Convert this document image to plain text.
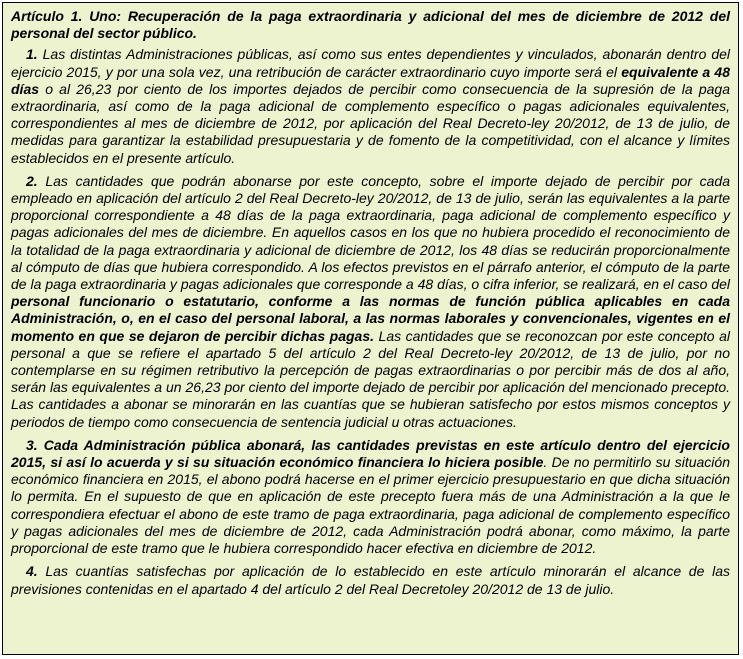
Artículo 1. Uno: Recuperación de la paga extraordinaria y adicional del mes de diciembre de 2012 del personal del sector público.

1. Las distintas Administraciones públicas, así como sus entes dependientes y vinculados, abonarán dentro del ejercicio 2015, y por una sola vez, una retribución de carácter extraordinario cuyo importe será el equivalente a 48 días o al 26,23 por ciento de los importes dejados de percibir como consecuencia de la supresión de la paga extraordinaria, así como de la paga adicional de complemento específico o pagas adicionales equivalentes, correspondientes al mes de diciembre de 2012, por aplicación del Real Decreto-ley 20/2012, de 13 de julio, de medidas para garantizar la estabilidad presupuestaria y de fomento de la competitividad, con el alcance y límites establecidos en el presente artículo.

2. Las cantidades que podrán abonarse por este concepto, sobre el importe dejado de percibir por cada empleado en aplicación del artículo 2 del Real Decreto-ley 20/2012, de 13 de julio, serán las equivalentes a la parte proporcional correspondiente a 48 días de la paga extraordinaria, paga adicional de complemento específico y pagas adicionales del mes de diciembre. En aquellos casos en los que no hubiera procedido el reconocimiento de la totalidad de la paga extraordinaria y adicional de diciembre de 2012, los 48 días se reducirán proporcionalmente al cómputo de días que hubiera correspondido. A los efectos previstos en el párrafo anterior, el cómputo de la parte de la paga extraordinaria y pagas adicionales que corresponde a 48 días, o cifra inferior, se realizará, en el caso del personal funcionario o estatutario, conforme a las normas de función pública aplicables en cada Administración, o, en el caso del personal laboral, a las normas laborales y convencionales, vigentes en el momento en que se dejaron de percibir dichas pagas. Las cantidades que se reconozcan por este concepto al personal a que se refiere el apartado 5 del artículo 2 del Real Decreto-ley 20/2012, de 13 de julio, por no contemplarse en su régimen retributivo la percepción de pagas extraordinarias o por percibir más de dos al año, serán las equivalentes a un 26,23 por ciento del importe dejado de percibir por aplicación del mencionado precepto. Las cantidades a abonar se minorarán en las cuantías que se hubieran satisfecho por estos mismos conceptos y periodos de tiempo como consecuencia de sentencia judicial u otras actuaciones.

3. Cada Administración pública abonará, las cantidades previstas en este artículo dentro del ejercicio 2015, si así lo acuerda y si su situación económico financiera lo hiciera posible. De no permitirlo su situación económico financiera en 2015, el abono podrá hacerse en el primer ejercicio presupuestario en que dicha situación lo permita. En el supuesto de que en aplicación de este precepto fuera más de una Administración a la que le correspondiera efectuar el abono de este tramo de paga extraordinaria, paga adicional de complemento específico y pagas adicionales del mes de diciembre de 2012, cada Administración podrá abonar, como máximo, la parte proporcional de este tramo que le hubiera correspondido hacer efectiva en diciembre de 2012.

4. Las cuantías satisfechas por aplicación de lo establecido en este artículo minorarán el alcance de las previsiones contenidas en el apartado 4 del artículo 2 del Real Decretoley 20/2012 de 13 de julio.
